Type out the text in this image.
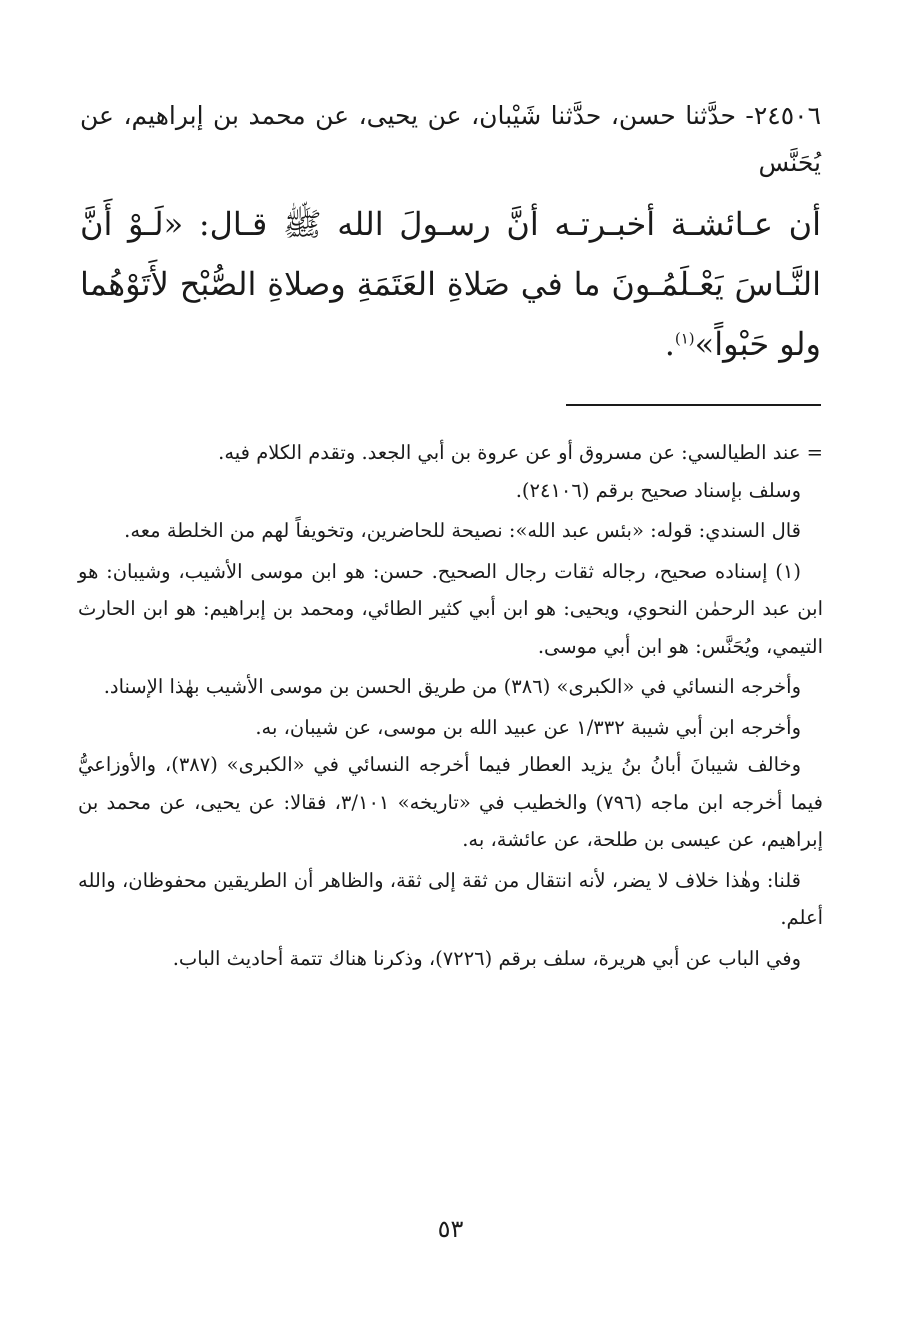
٢٤٥٠٦- حدَّثنا حسن، حدَّثنا شَيْبان، عن يحيى، عن محمد بن إبراهيم، عن يُحَنَّس

أن عـائشـة أخبـرتـه أنَّ رسـولَ الله ﷺ قـال: «لَـوْ أَنَّ النَّـاسَ يَعْـلَمُـونَ ما في صَلاةِ العَتَمَةِ وصلاةِ الصُّبْح لأَتَوْهُما ولو حَبْواً»$^{(١)}$.

= عند الطيالسي: عن مسروق أو عن عروة بن أبي الجعد. وتقدم الكلام فيه.

وسلف بإسناد صحيح برقم (٢٤١٠٦).

قال السندي: قوله: «بئس عبد الله»: نصيحة للحاضرين، وتخويفاً لهم من الخلطة معه.

(١) إسناده صحيح، رجاله ثقات رجال الصحيح. حسن: هو ابن موسى الأشيب، وشيبان: هو ابن عبد الرحمٰن النحوي، ويحيى: هو ابن أبي كثير الطائي، ومحمد بن إبراهيم: هو ابن الحارث التيمي، ويُحَنَّس: هو ابن أبي موسى.

وأخرجه النسائي في «الكبرى» (٣٨٦) من طريق الحسن بن موسى الأشيب بهٰذا الإسناد.

وأخرجه ابن أبي شيبة ١/٣٣٢ عن عبيد الله بن موسى، عن شيبان، به.

وخالف شيبانَ أبانُ بنُ يزيد العطار فيما أخرجه النسائي في «الكبرى» (٣٨٧)، والأوزاعيُّ فيما أخرجه ابن ماجه (٧٩٦) والخطيب في «تاريخه» ٣/١٠١، فقالا: عن يحيى، عن محمد بن إبراهيم، عن عيسى بن طلحة، عن عائشة، به.

قلنا: وهٰذا خلاف لا يضر، لأنه انتقال من ثقة إلى ثقة، والظاهر أن الطريقين محفوظان، والله أعلم.

وفي الباب عن أبي هريرة، سلف برقم (٧٢٢٦)، وذكرنا هناك تتمة أحاديث الباب.

٥٣
